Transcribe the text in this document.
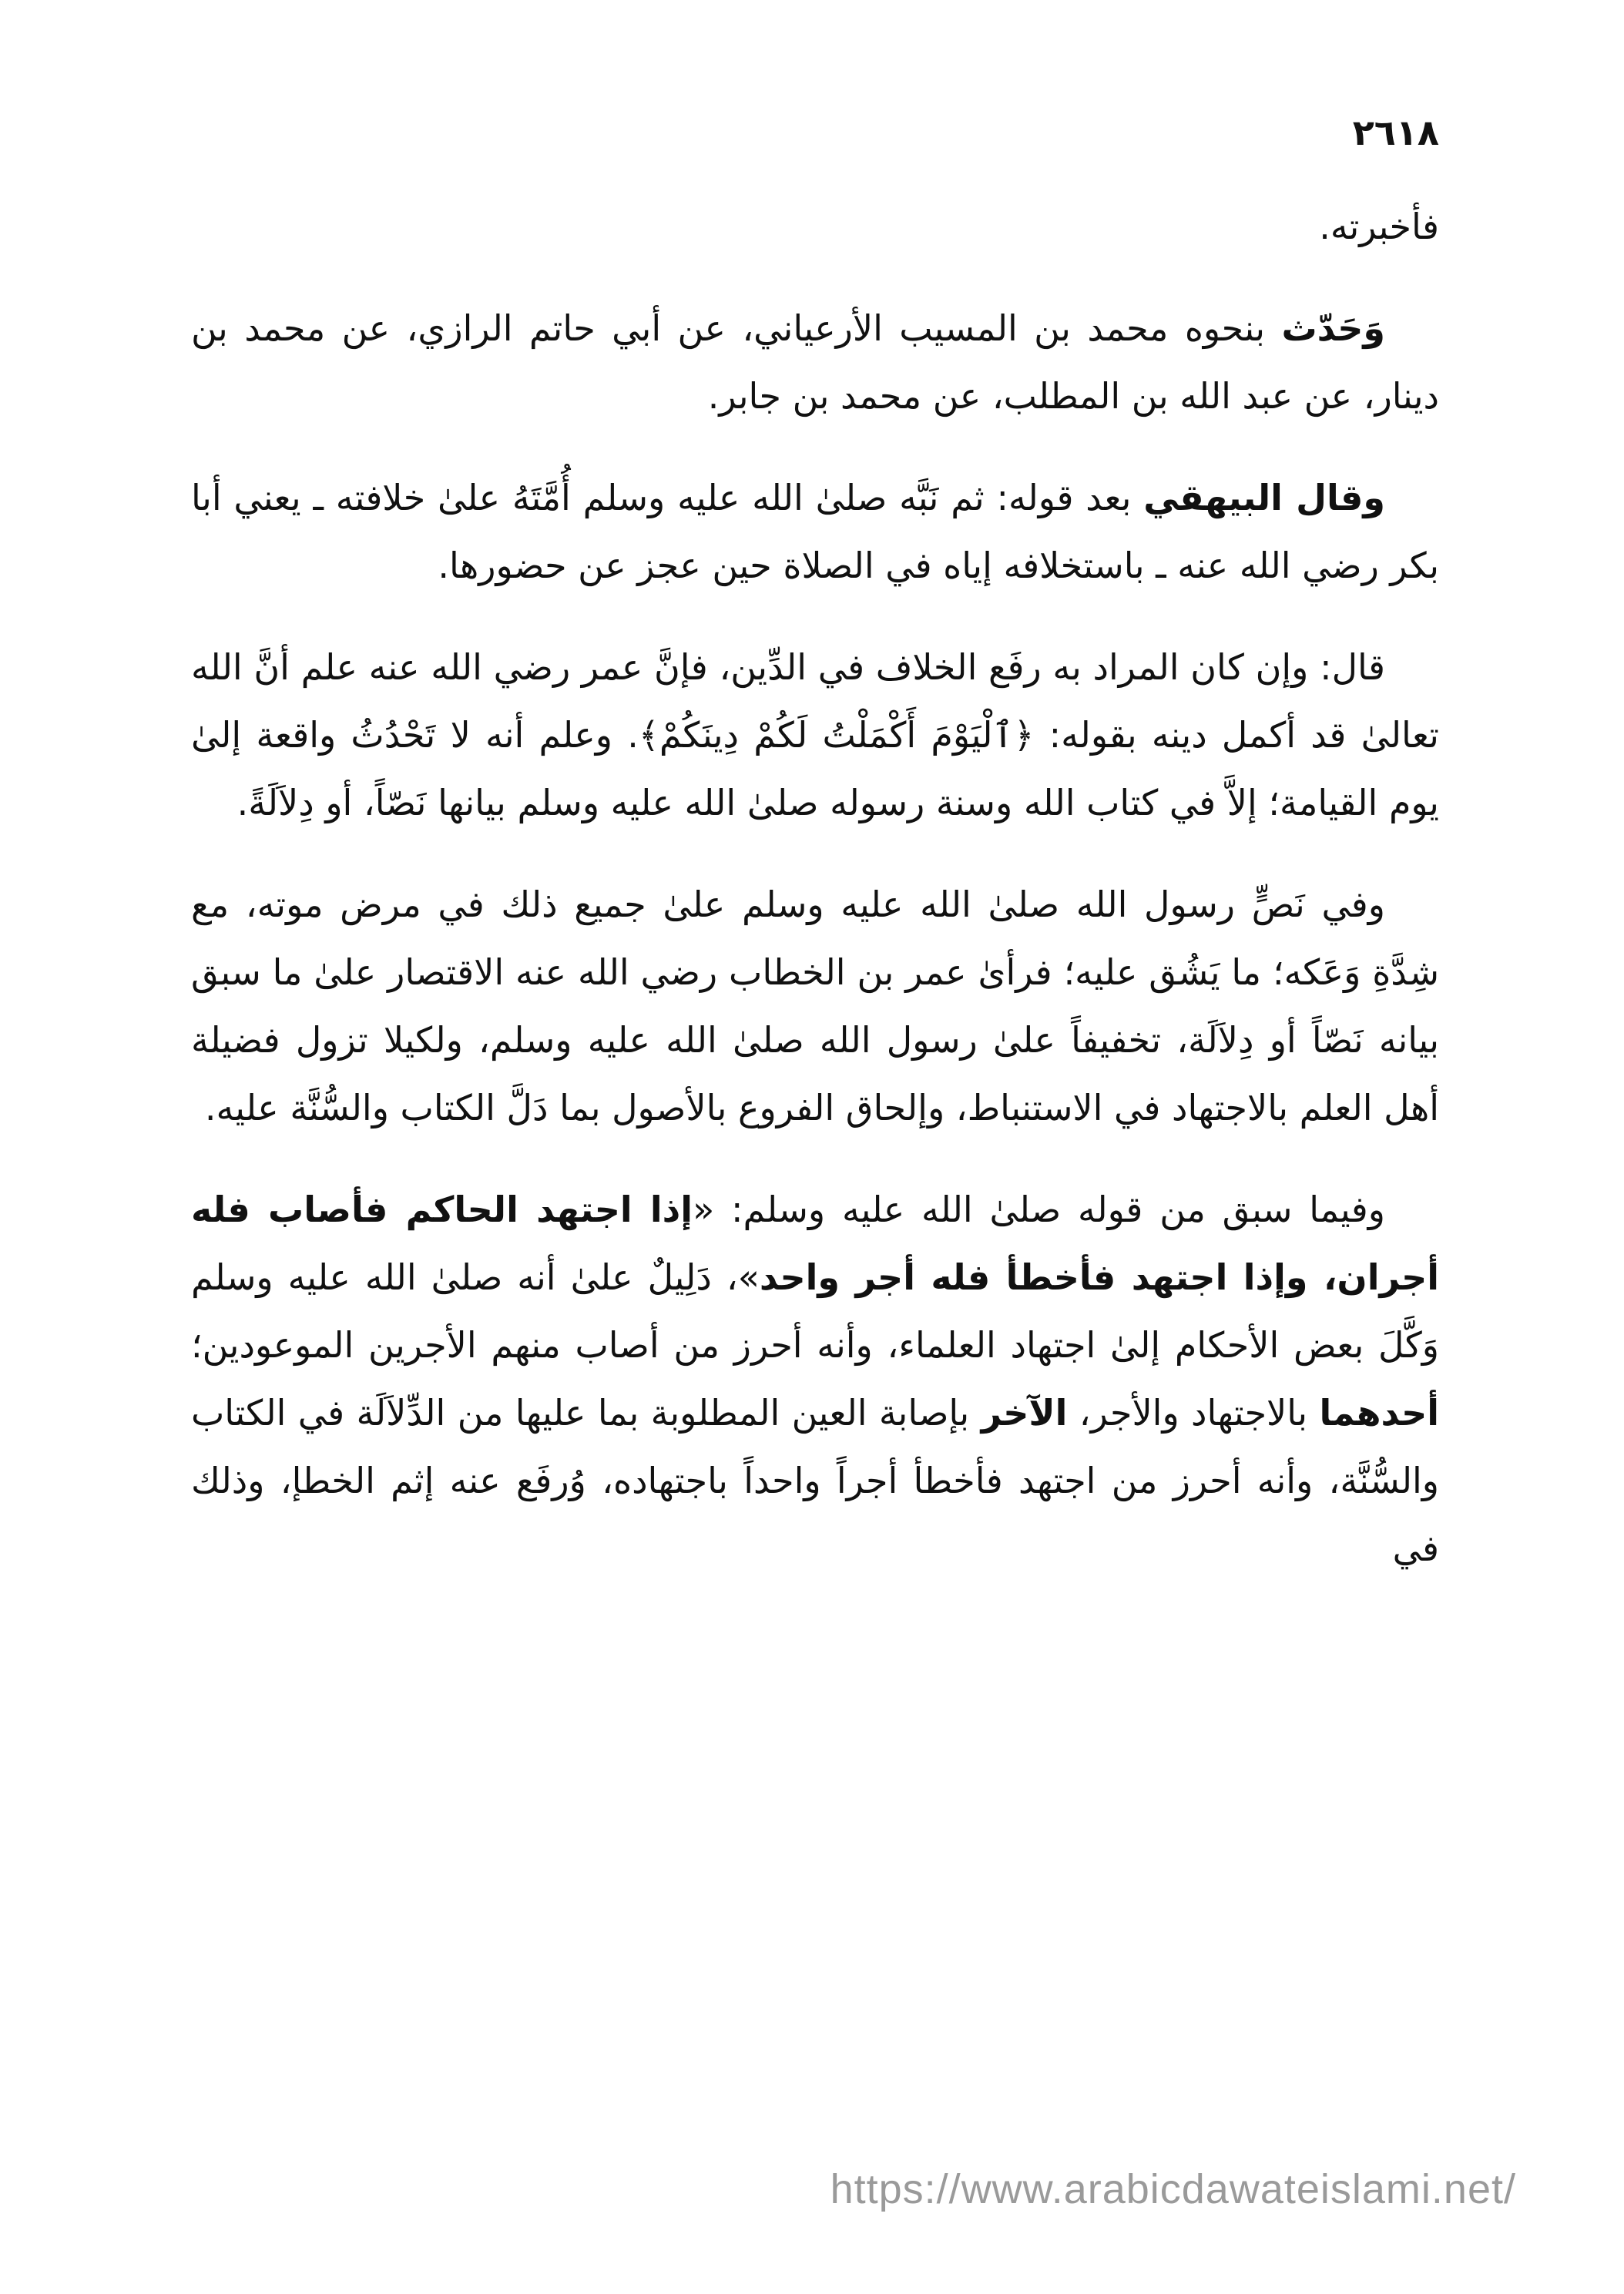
٢٦١٨

فأخبرته.

وَحَدّث بنحوه محمد بن المسيب الأرعياني، عن أبي حاتم الرازي، عن محمد بن دينار، عن عبد الله بن المطلب، عن محمد بن جابر.

وقال البيهقي بعد قوله: ثم نَبَّه صلىٰ الله عليه وسلم أُمَّتَهُ علىٰ خلافته ـ يعني أبا بكر رضي الله عنه ـ باستخلافه إياه في الصلاة حين عجز عن حضورها.

قال: وإن كان المراد به رفَع الخلاف في الدِّين، فإنَّ عمر رضي الله عنه علم أنَّ الله تعالىٰ قد أكمل دينه بقوله: ﴿ٱلْيَوْمَ أَكْمَلْتُ لَكُمْ دِينَكُمْ﴾. وعلم أنه لا تَحْدُثُ واقعة إلىٰ يوم القيامة؛ إلاَّ في كتاب الله وسنة رسوله صلىٰ الله عليه وسلم بيانها نَصّاً، أو دِلاَلَةً.

وفي نَصٍّ رسول الله صلىٰ الله عليه وسلم علىٰ جميع ذلك في مرض موته، مع شِدَّةِ وَعَكه؛ ما يَشُق عليه؛ فرأىٰ عمر بن الخطاب رضي الله عنه الاقتصار علىٰ ما سبق بيانه نَصّاً أو دِلاَلَة، تخفيفاً علىٰ رسول الله صلىٰ الله عليه وسلم، ولكيلا تزول فضيلة أهل العلم بالاجتهاد في الاستنباط، وإلحاق الفروع بالأصول بما دَلَّ الكتاب والسُّنَّة عليه.

وفيما سبق من قوله صلىٰ الله عليه وسلم: «إذا اجتهد الحاكم فأصاب فله أجران، وإذا اجتهد فأخطأ فله أجر واحد»، دَلِيلٌ علىٰ أنه صلىٰ الله عليه وسلم وَكَّلَ بعض الأحكام إلىٰ اجتهاد العلماء، وأنه أحرز من أصاب منهم الأجرين الموعودين؛ أحدهما بالاجتهاد والأجر، الآخر بإصابة العين المطلوبة بما عليها من الدِّلاَلَة في الكتاب والسُّنَّة، وأنه أحرز من اجتهد فأخطأ أجراً واحداً باجتهاده، وُرفَع عنه إثم الخطإ، وذلك في

https://www.arabicdawateislami.net/
